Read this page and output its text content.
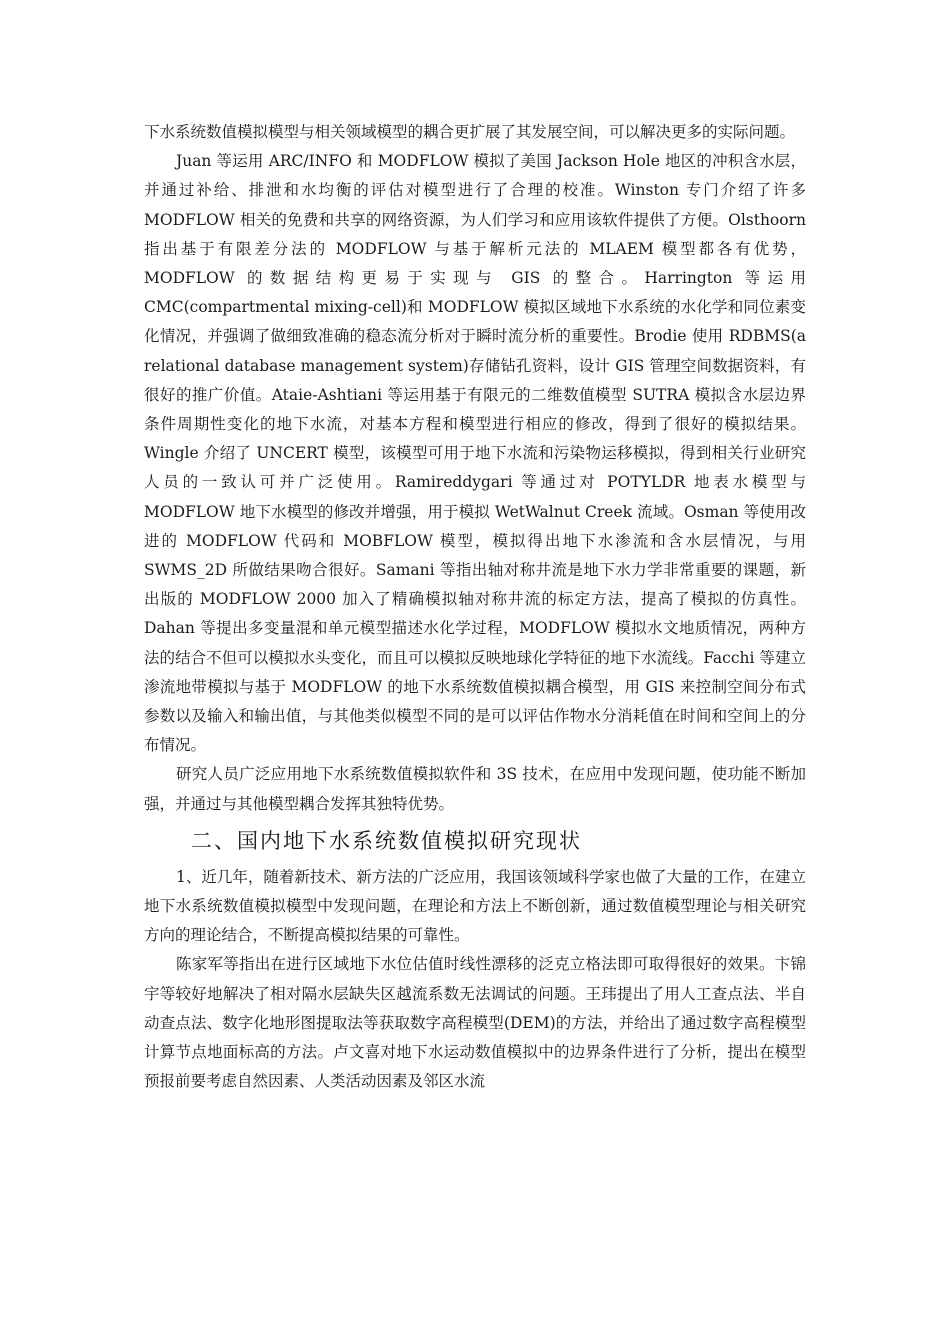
下水系统数值模拟模型与相关领域模型的耦合更扩展了其发展空间，可以解决更多的实际问题。

Juan 等运用 ARC/INFO 和 MODFLOW 模拟了美国 Jackson Hole 地区的冲积含水层，并通过补给、排泄和水均衡的评估对模型进行了合理的校准。Winston 专门介绍了许多 MODFLOW 相关的免费和共享的网络资源，为人们学习和应用该软件提供了方便。Olsthoorn 指出基于有限差分法的 MODFLOW 与基于解析元法的 MLAEM 模型都各有优势，MODFLOW 的数据结构更易于实现与 GIS 的整合。Harrington 等运用 CMC(compartmental mixing-cell)和 MODFLOW 模拟区域地下水系统的水化学和同位素变化情况，并强调了做细致准确的稳态流分析对于瞬时流分析的重要性。Brodie 使用 RDBMS(a relational database management system)存储钻孔资料，设计 GIS 管理空间数据资料，有很好的推广价值。Ataie-Ashtiani 等运用基于有限元的二维数值模型 SUTRA 模拟含水层边界条件周期性变化的地下水流，对基本方程和模型进行相应的修改，得到了很好的模拟结果。Wingle 介绍了 UNCERT 模型，该模型可用于地下水流和污染物运移模拟，得到相关行业研究人员的一致认可并广泛使用。Ramireddygari 等通过对 POTYLDR 地表水模型与 MODFLOW 地下水模型的修改并增强，用于模拟 WetWalnut Creek 流域。Osman 等使用改进的 MODFLOW 代码和 MOBFLOW 模型，模拟得出地下水渗流和含水层情况，与用 SWMS_2D 所做结果吻合很好。Samani 等指出轴对称井流是地下水力学非常重要的课题，新出版的 MODFLOW 2000 加入了精确模拟轴对称井流的标定方法，提高了模拟的仿真性。Dahan 等提出多变量混和单元模型描述水化学过程，MODFLOW 模拟水文地质情况，两种方法的结合不但可以模拟水头变化，而且可以模拟反映地球化学特征的地下水流线。Facchi 等建立渗流地带模拟与基于 MODFLOW 的地下水系统数值模拟耦合模型，用 GIS 来控制空间分布式参数以及输入和输出值，与其他类似模型不同的是可以评估作物水分消耗值在时间和空间上的分布情况。

研究人员广泛应用地下水系统数值模拟软件和 3S 技术，在应用中发现问题，使功能不断加强，并通过与其他模型耦合发挥其独特优势。

二、国内地下水系统数值模拟研究现状

1、近几年，随着新技术、新方法的广泛应用，我国该领域科学家也做了大量的工作，在建立地下水系统数值模拟模型中发现问题，在理论和方法上不断创新，通过数值模型理论与相关研究方向的理论结合，不断提高模拟结果的可靠性。

陈家军等指出在进行区域地下水位估值时线性漂移的泛克立格法即可取得很好的效果。卞锦宇等较好地解决了相对隔水层缺失区越流系数无法调试的问题。王玮提出了用人工查点法、半自动查点法、数字化地形图提取法等获取数字高程模型(DEM)的方法，并给出了通过数字高程模型计算节点地面标高的方法。卢文喜对地下水运动数值模拟中的边界条件进行了分析，提出在模型预报前要考虑自然因素、人类活动因素及邻区水流
